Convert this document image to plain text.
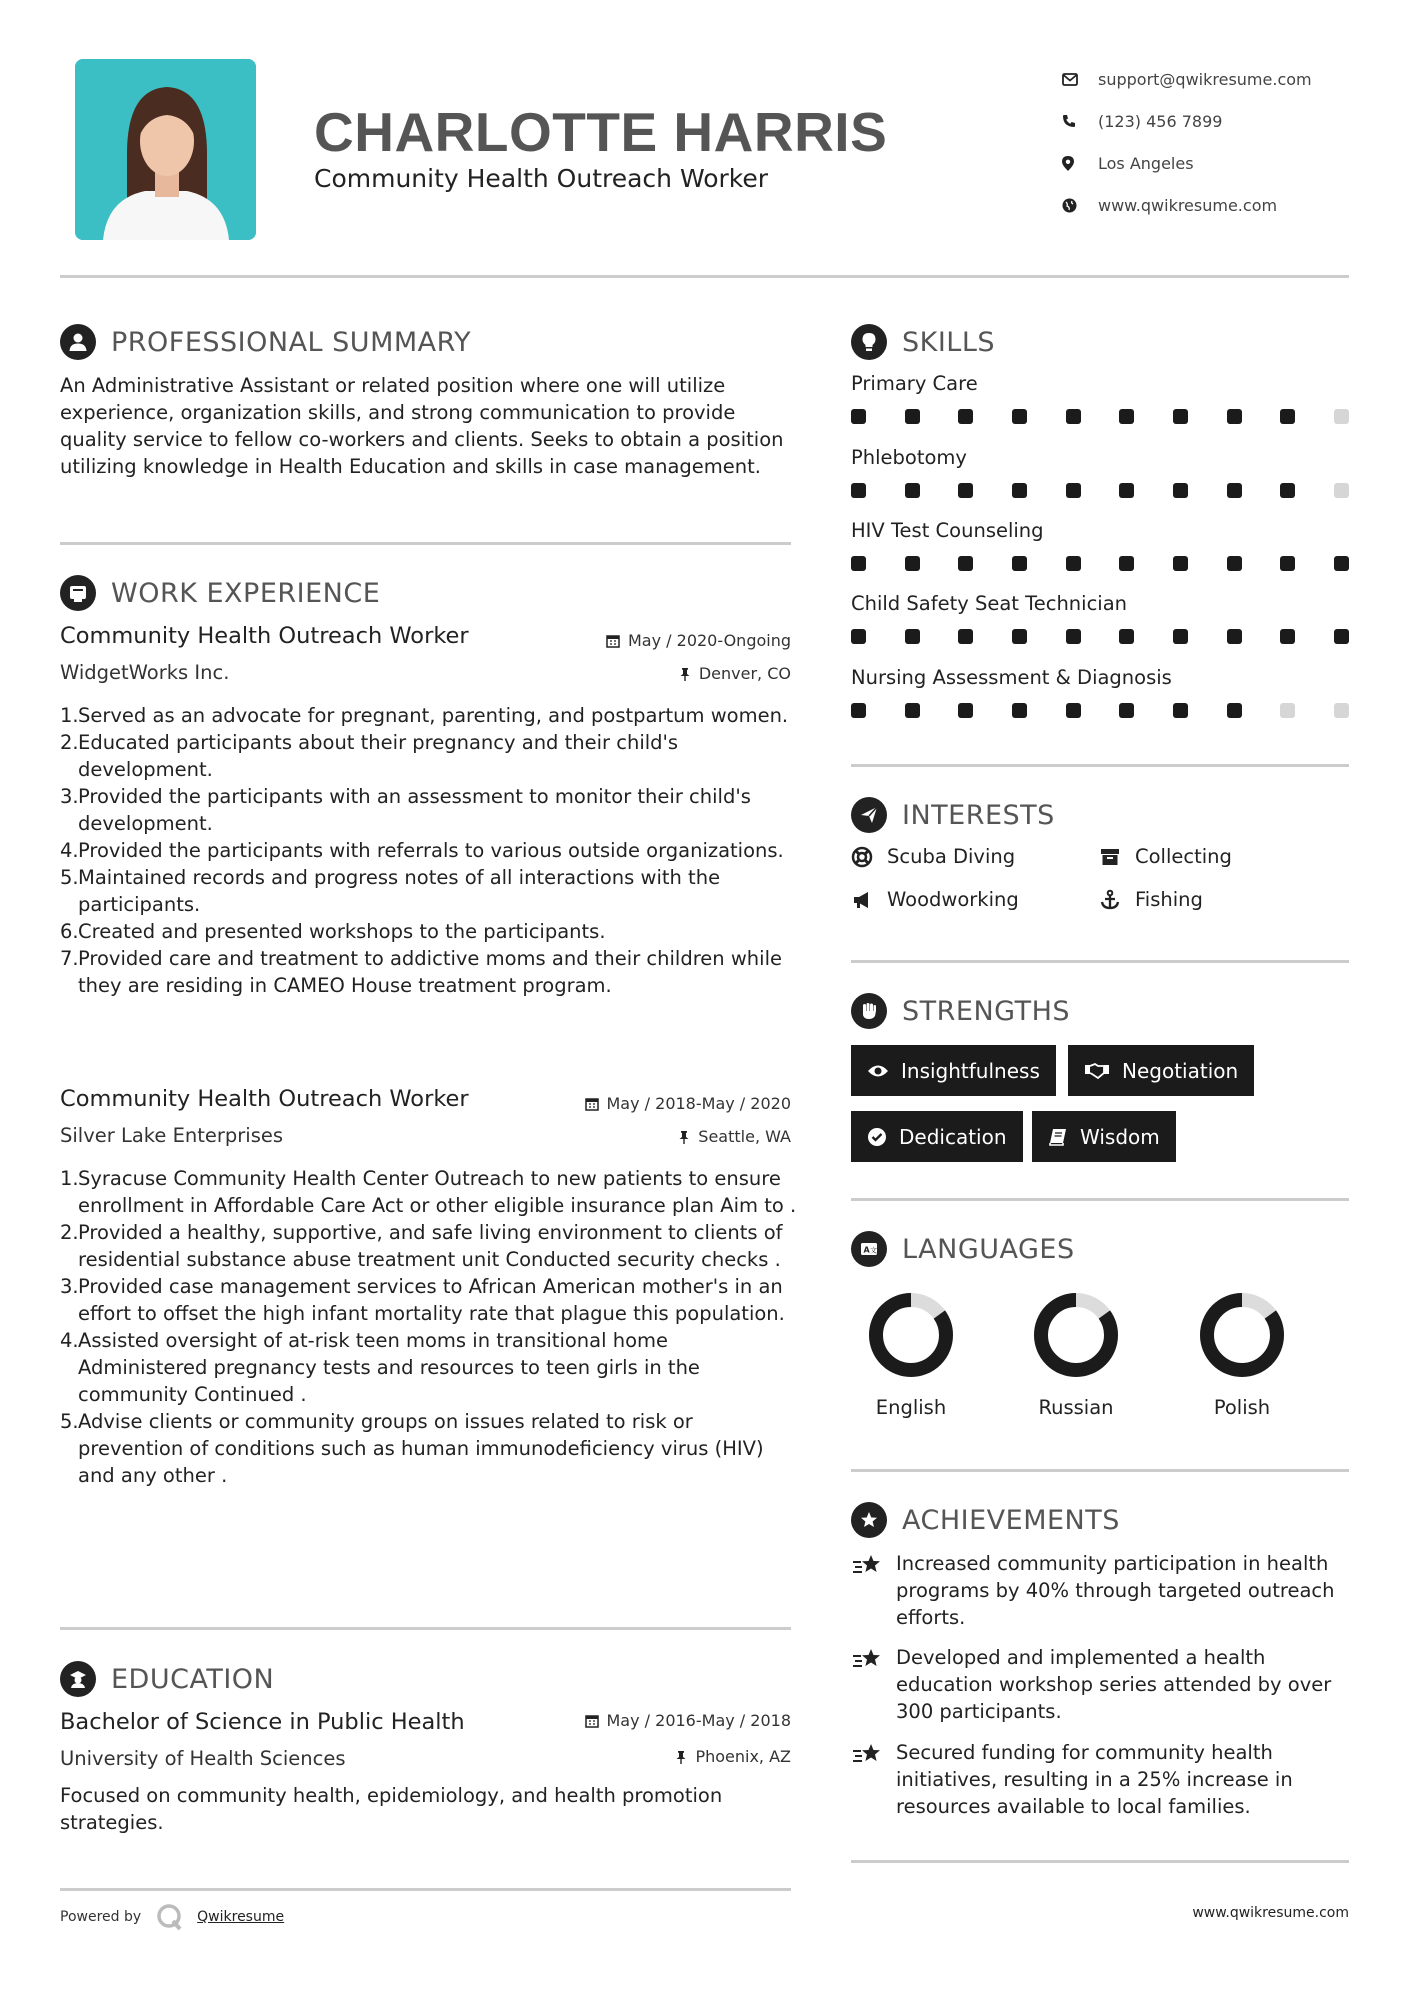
CHARLOTTE HARRIS
Community Health Outreach Worker
support@qwikresume.com
(123) 456 7899
Los Angeles
www.qwikresume.com
PROFESSIONAL SUMMARY
An Administrative Assistant or related position where one will utilize experience, organization skills, and strong communication to provide quality service to fellow co-workers and clients. Seeks to obtain a position utilizing knowledge in Health Education and skills in case management.
WORK EXPERIENCE
Community Health Outreach Worker	May / 2020-Ongoing
WidgetWorks Inc.	Denver, CO
Served as an advocate for pregnant, parenting, and postpartum women.
Educated participants about their pregnancy and their child's development.
Provided the participants with an assessment to monitor their child's development.
Provided the participants with referrals to various outside organizations.
Maintained records and progress notes of all interactions with the participants.
Created and presented workshops to the participants.
Provided care and treatment to addictive moms and their children while they are residing in CAMEO House treatment program.
Community Health Outreach Worker	May / 2018-May / 2020
Silver Lake Enterprises	Seattle, WA
Syracuse Community Health Center Outreach to new patients to ensure enrollment in Affordable Care Act or other eligible insurance plan Aim to .
Provided a healthy, supportive, and safe living environment to clients of residential substance abuse treatment unit Conducted security checks .
Provided case management services to African American mother's in an effort to offset the high infant mortality rate that plague this population.
Assisted oversight of at-risk teen moms in transitional home Administered pregnancy tests and resources to teen girls in the community Continued .
Advise clients or community groups on issues related to risk or prevention of conditions such as human immunodeficiency virus (HIV) and any other .
EDUCATION
Bachelor of Science in Public Health	May / 2016-May / 2018
University of Health Sciences	Phoenix, AZ
Focused on community health, epidemiology, and health promotion strategies.
SKILLS
Primary Care
Phlebotomy
HIV Test Counseling
Child Safety Seat Technician
Nursing Assessment & Diagnosis
INTERESTS
Scuba Diving	Collecting
Woodworking	Fishing
STRENGTHS
Insightfulness	Negotiation
Dedication	Wisdom
A 文 LANGUAGES
English	Russian	Polish
ACHIEVEMENTS
Increased community participation in health programs by 40% through targeted outreach efforts.
Developed and implemented a health education workshop series attended by over 300 participants.
Secured funding for community health initiatives, resulting in a 25% increase in resources available to local families.
Powered by	Qwikresume	www.qwikresume.com
